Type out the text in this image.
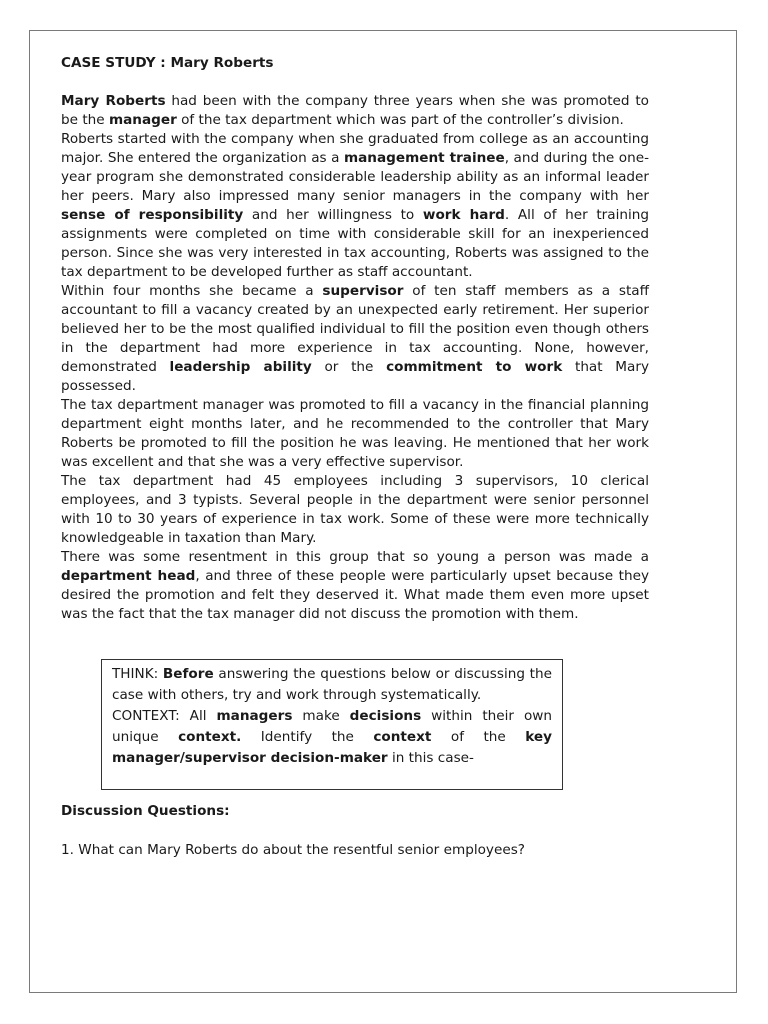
CASE STUDY : Mary Roberts

Mary Roberts had been with the company three years when she was promoted to be the manager of the tax department which was part of the controller’s division.

Roberts started with the company when she graduated from college as an accounting major. She entered the organization as a management trainee, and during the one-year program she demonstrated considerable leadership ability as an informal leader her peers. Mary also impressed many senior managers in the company with her sense of responsibility and her willingness to work hard. All of her training assignments were completed on time with considerable skill for an inexperienced person. Since she was very interested in tax accounting, Roberts was assigned to the tax department to be developed further as staff accountant.

Within four months she became a supervisor of ten staff members as a staff accountant to fill a vacancy created by an unexpected early retirement. Her superior believed her to be the most qualified individual to fill the position even though others in the department had more experience in tax accounting. None, however, demonstrated leadership ability or the commitment to work that Mary possessed.

The tax department manager was promoted to fill a vacancy in the financial planning department eight months later, and he recommended to the controller that Mary Roberts be promoted to fill the position he was leaving. He mentioned that her work was excellent and that she was a very effective supervisor.

The tax department had 45 employees including 3 supervisors, 10 clerical employees, and 3 typists. Several people in the department were senior personnel with 10 to 30 years of experience in tax work. Some of these were more technically knowledgeable in taxation than Mary.

There was some resentment in this group that so young a person was made a department head, and three of these people were particularly upset because they desired the promotion and felt they deserved it. What made them even more upset was the fact that the tax manager did not discuss the promotion with them.

THINK: Before answering the questions below or discussing the case with others, try and work through systematically.

CONTEXT: All managers make decisions within their own unique context. Identify the context of the key manager/supervisor decision-maker in this case-

Discussion Questions:

1. What can Mary Roberts do about the resentful senior employees?
